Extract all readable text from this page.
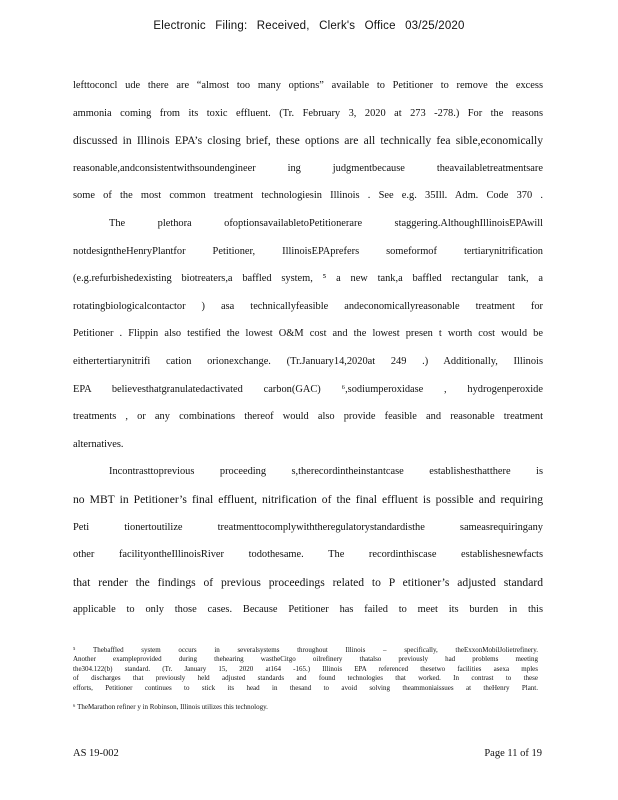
Electronic Filing: Received, Clerk's Office 03/25/2020
lefttoconcl ude there are “almost too many options” available to Petitioner to remove the excess
ammonia coming from its toxic effluent. (Tr. February 3, 2020 at 273 -278.) For the reasons
discussed in Illinois EPA’s closing brief, these options are all technically fea sible,economically
reasonable,andconsistentwithsoundengineer ing judgmentbecause theavailabletreatmentsare
some of the most common treatment technologiesin Illinois . See e.g. 35Ill. Adm. Code 370 .
The plethora ofoptionsavailabletoPetitionerare staggering.AlthoughIllinoisEPAwill
notdesigntheHenryPlantfor Petitioner, IllinoisEPAprefers someformof tertiarynitrification
(e.g.refurbishedexisting biotreaters,a baffled system, ⁵ a new tank,a baffled rectangular tank, a
rotatingbiologicalcontactor ) asa technicallyfeasible andeconomicallyreasonable treatment for
Petitioner . Flippin also testified the lowest O&M cost and the lowest presen t worth cost would be
eithertertiarynitrifi cation orionexchange. (Tr.January14,2020at 249 .) Additionally, Illinois
EPA believesthatgranulatedactivated carbon(GAC) ⁶,sodiumperoxidase , hydrogenperoxide
treatments , or any combinations thereof would also provide feasible and reasonable treatment
alternatives.
Incontrasttoprevious proceeding s,therecordintheinstantcase establishesthatthere is
no MBT in Petitioner’s final effluent, nitrification of the final effluent is possible and requiring
Peti tionertoutilize treatmenttocomplywiththeregulatorystandardisthe sameasrequiringany
other facilityontheIllinoisRiver todothesame. The recordinthiscase establishesnewfacts
that render the findings of previous proceedings related to P etitioner’s adjusted standard
applicable to only those cases. Because Petitioner has failed to meet its burden in this
⁵ Thebaffled system occurs in severalsystems throughout Illinois – specifically, theExxonMobilJolietrefinery.
Another exampleprovided during thehearing wastheCitgo oilrefinery thatalso previously had problems meeting
the304.122(b) standard. (Tr. January 15, 2020 at164 -165.) Illinois EPA referenced thesetwo facilities asexa mples
of discharges that previously held adjusted standards and found technologies that worked. In contrast to these
efforts, Petitioner continues to stick its head in thesand to avoid solving theammoniaissues at theHenry Plant.
⁶ TheMarathon refiner y in Robinson, Illinois utilizes this technology.
AS 19-002	Page 11 of 19
